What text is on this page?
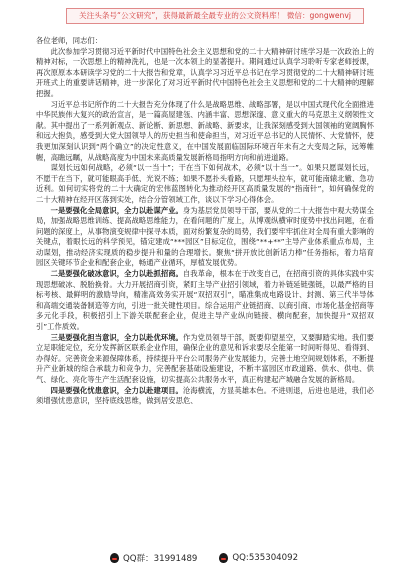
关注头条号“公文研究”，获得最新最全最专业的公文资料库！ 微信：gongwenvj

各位老师，同志们：

此次参加学习贯彻习近平新时代中国特色社会主义思想和党的二十大精神研讨班学习是一次政治上的精神对标，一次思想上的精神洗礼，也是一次本领上的显著提升。期间通过认真学习聆听专家老师授课，再次原原本本研读学习党的二十大报告和党章，认真学习习近平总书记在学习贯彻党的二十大精神研讨班开班式上的重要讲话精神，进一步深化了对习近平新时代中国特色社会主义思想和党的二十大精神的理解把握。

习近平总书记所作的二十大报告充分体现了什么是战略思维、战略部署，是以中国式现代化全面推进中华民族伟大复兴的政治宣言，是一篇高屋建瓴、内涵丰富、思想深邃、意义重大的马克思主义纲领性文献。其中提出了一系列新观点、新论断、新思想、新战略、新要求，让我深刻感受到大国领袖的宽阔胸怀和远大抱负，感受到大党大国领导人的历史担当和使命担当，对习近平总书记的人民情怀、大党情怀，使我更加深刻认识到“两个确立”的决定性意义，在中国发展面临国际环境百年未有之大变局之际，远筹帷幄，高瞻远瞩，从战略高度为中国未来高质量发展新格局指明方向和前进道路。

谋划长远如何战略，必须“以一当十”；干在当下如何战术，必须“以十当一”。如果只愿谋划长远，不愿干在当下，就可能眼高手低、光说不练；如果不愿扑头看路，只愿埋头拉车，就可能南辕北辙、急功近利。如何切实将党的二十大确定的宏伟蓝图转化为推动经开区高质量发展的“指南针”，如何确保党的二十大精神在经开区落到实处，结合分管领域工作，谈以下学习心得体会。

一是要强化全局意识，全力以赴谋产业。身为基层党员领导干部，要从党的二十大报告中观大势谋全局，加强战略思维训练、提高战略思维能力，在看问题的广度上，从博观纵横审时度势中找出问题，在看问题的深度上，从事物演变规律中探寻本质，面对纷繁复杂的局势，我们要牢牢抓住对全局有重大影响的关键点，着眼长远的科学预见，锚定建成“***园区”目标定位，围绕“**+**”主导产业体系重点布局，主动谋划，推动经济实现质的稳步提升和量的合理增长。聚焦“拼开放比创新话力棒”任务指标，着力培育园区关键环节企业和配套企业，畅通产业循环，厚植发展优势。

二是要强化破冰意识，全力以赴抓招商。自我革命，根本在于改变自己，在招商引资的具体实践中实现思想破冰、脱胎换骨。大力开展招商引资，紧盯主导产业招引领域，着力补链延链强链，以最严格的目标考核、最鲜明的激励导向，精准高效务实开展“双招双引”，瞄准集成电路设计、封测、第三代半导体和高端交通装备制造等方向，引进一批关键性项目。综合运用产业链招商、以商引商、市场化基金招商等多元化手段，积极招引上下游关联配套企业，促进主导产业纵向链接、横向配套，加快提升“双招双引”工作质效。

三是要强化担当意识，全力以赴优环境。作为党员领导干部，既要仰望星空，又要脚踏实地。我们要立足职能定位，充分发挥新区联系企业作用，确保企业的意见和诉求要尽全能第一时间听得见、看得到、办得好。完善资金来源保障体系，持续提升平台公司服务产业发展能力，完善土地空间规划体系，不断提升产业新城的综合承载力和竞争力，完善配套基础设施建设，不断丰富园区市政道路、供水、供电、供气、绿化、亮化等生产生活配套设施，切实提高公共服务水平，真正构建起产城融合发展的新格局。

四是要强化忧患意识，全力以赴建项目。沧海横流，方显英雄本色。不进则退，后进也是进，我们必须增强忧患意识，坚持底线思维，做到居安思危、

QQ群：31991489	QQ:535304092
